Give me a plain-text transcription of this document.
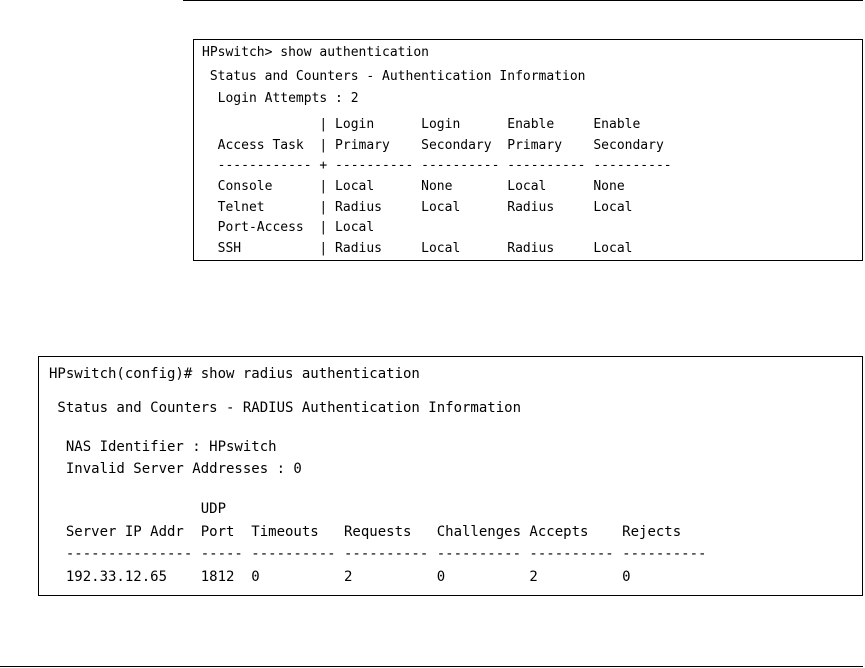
HPswitch> show authentication
Status and Counters - Authentication Information
Login Attempts : 2
| Login      Login      Enable     Enable
Access Task  | Primary    Secondary  Primary    Secondary
------------ + ---------- ---------- ---------- ----------
Console      | Local      None       Local      None
Telnet       | Radius     Local      Radius     Local
Port-Access  | Local
SSH          | Radius     Local      Radius     Local
HPswitch(config)# show radius authentication
Status and Counters - RADIUS Authentication Information
NAS Identifier : HPswitch
Invalid Server Addresses : 0
UDP
Server IP Addr  Port  Timeouts   Requests   Challenges Accepts    Rejects
--------------- ----- ---------- ---------- ---------- ---------- ----------
192.33.12.65    1812  0          2          0          2          0
